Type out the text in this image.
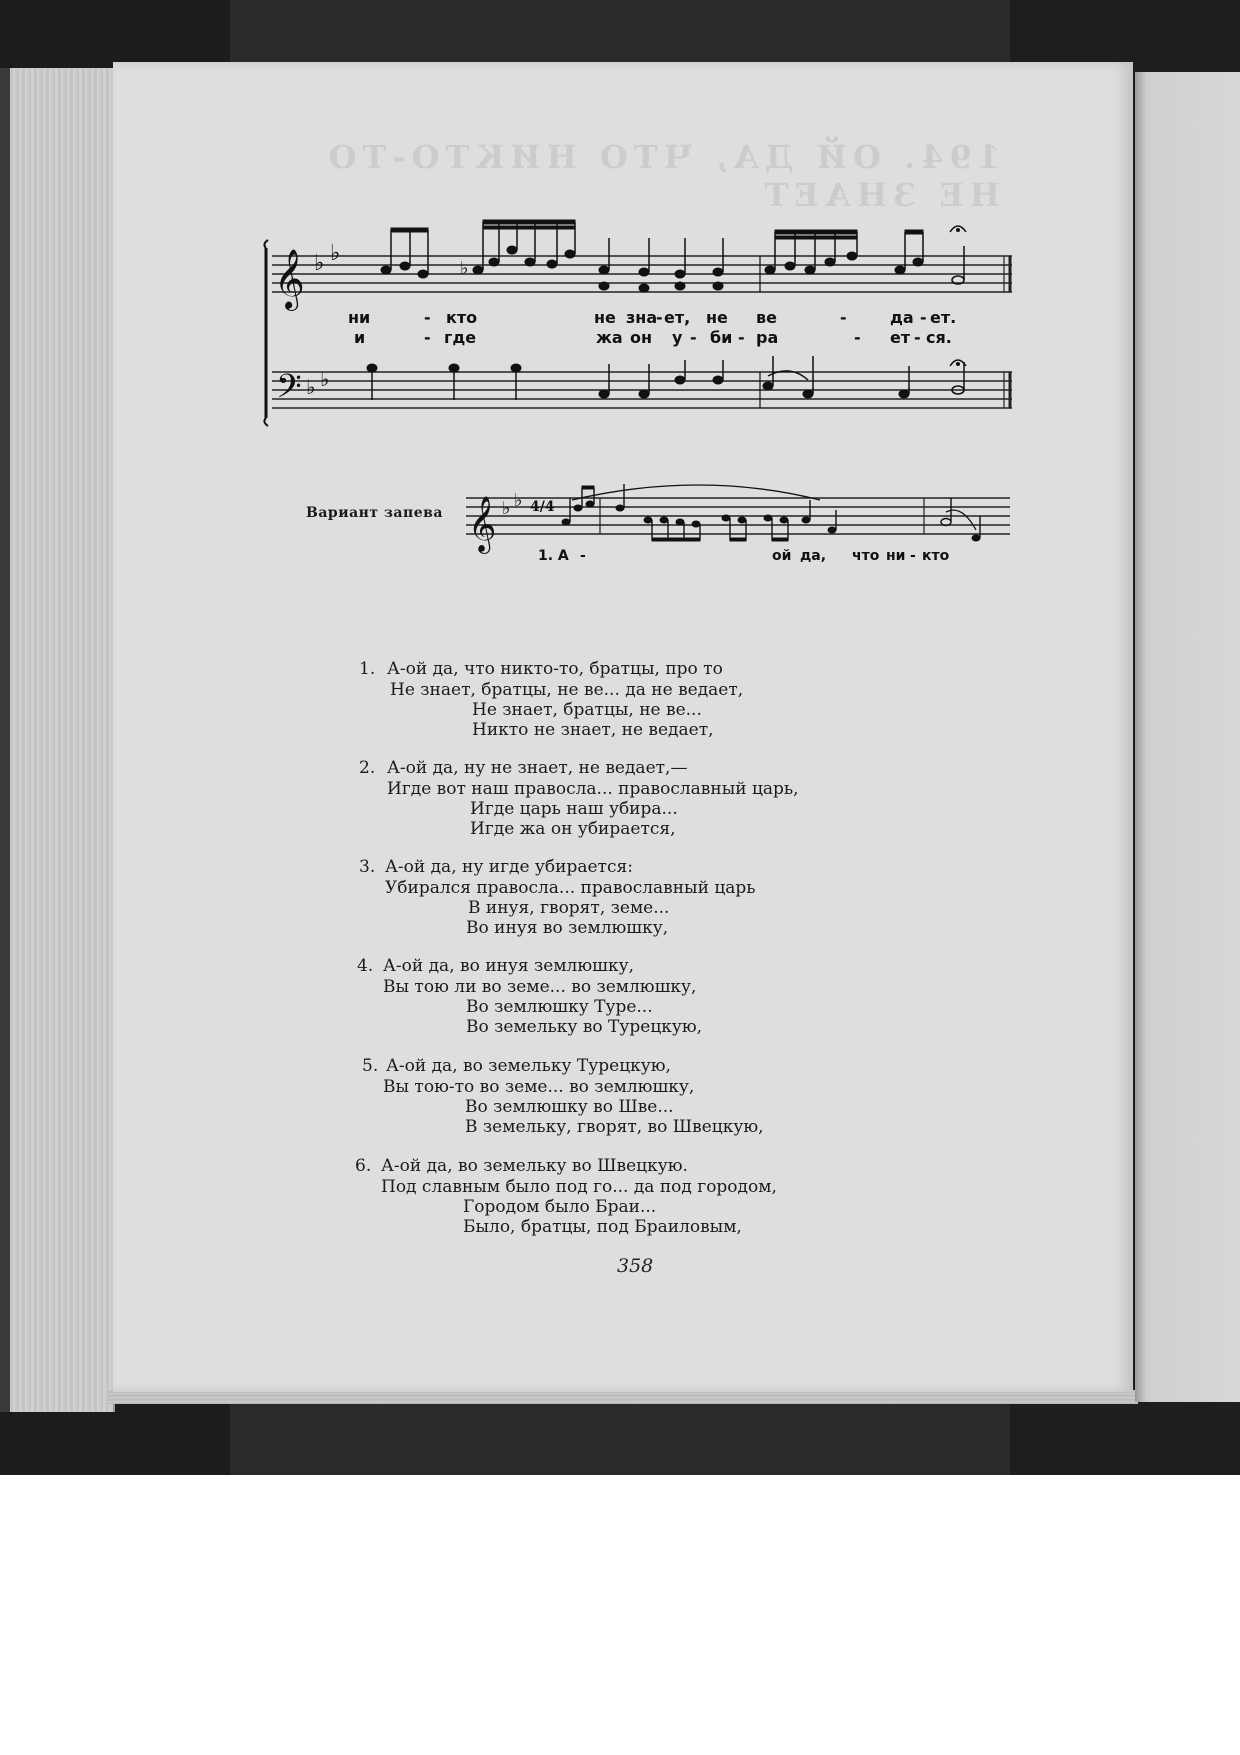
194. ОЙ ДА, ЧТО НИКТО-ТО НЕ ЗНАЕТ
𝄞 ♭ ♭
♭
𝄢 ♭ ♭
𝄞 ♭ ♭ 4/4
ни	- кто	не зна
- ет, не ве	-	да - ет.
и	- где	жа он у - би - ра	- ет - ся.
Вариант запева
1. А -	ой да, что ни - кто
1. А-ой да, что никто-то, братцы, про то
Не знает, братцы, не ве... да не ведает,
Не знает, братцы, не ве...
Никто не знает, не ведает,
2. А-ой да, ну не знает, не ведает,—
Игде вот наш правосла... православный царь,
Игде царь наш убира...
Игде жа он убирается,
3. А-ой да, ну игде убирается:
Убирался правосла... православный царь
В инуя, гворят, земе...
Во инуя во землюшку,
4. А-ой да, во инуя землюшку,
Вы тою ли во земе... во землюшку,
Во землюшку Туре...
Во земельку во Турецкую,
5. А-ой да, во земельку Турецкую,
Вы тою-то во земе... во землюшку,
Во землюшку во Шве...
В земельку, гворят, во Швецкую,
6. А-ой да, во земельку во Швецкую.
Под славным было под го... да под городом,
Городом было Браи...
Было, братцы, под Браиловым,
358
